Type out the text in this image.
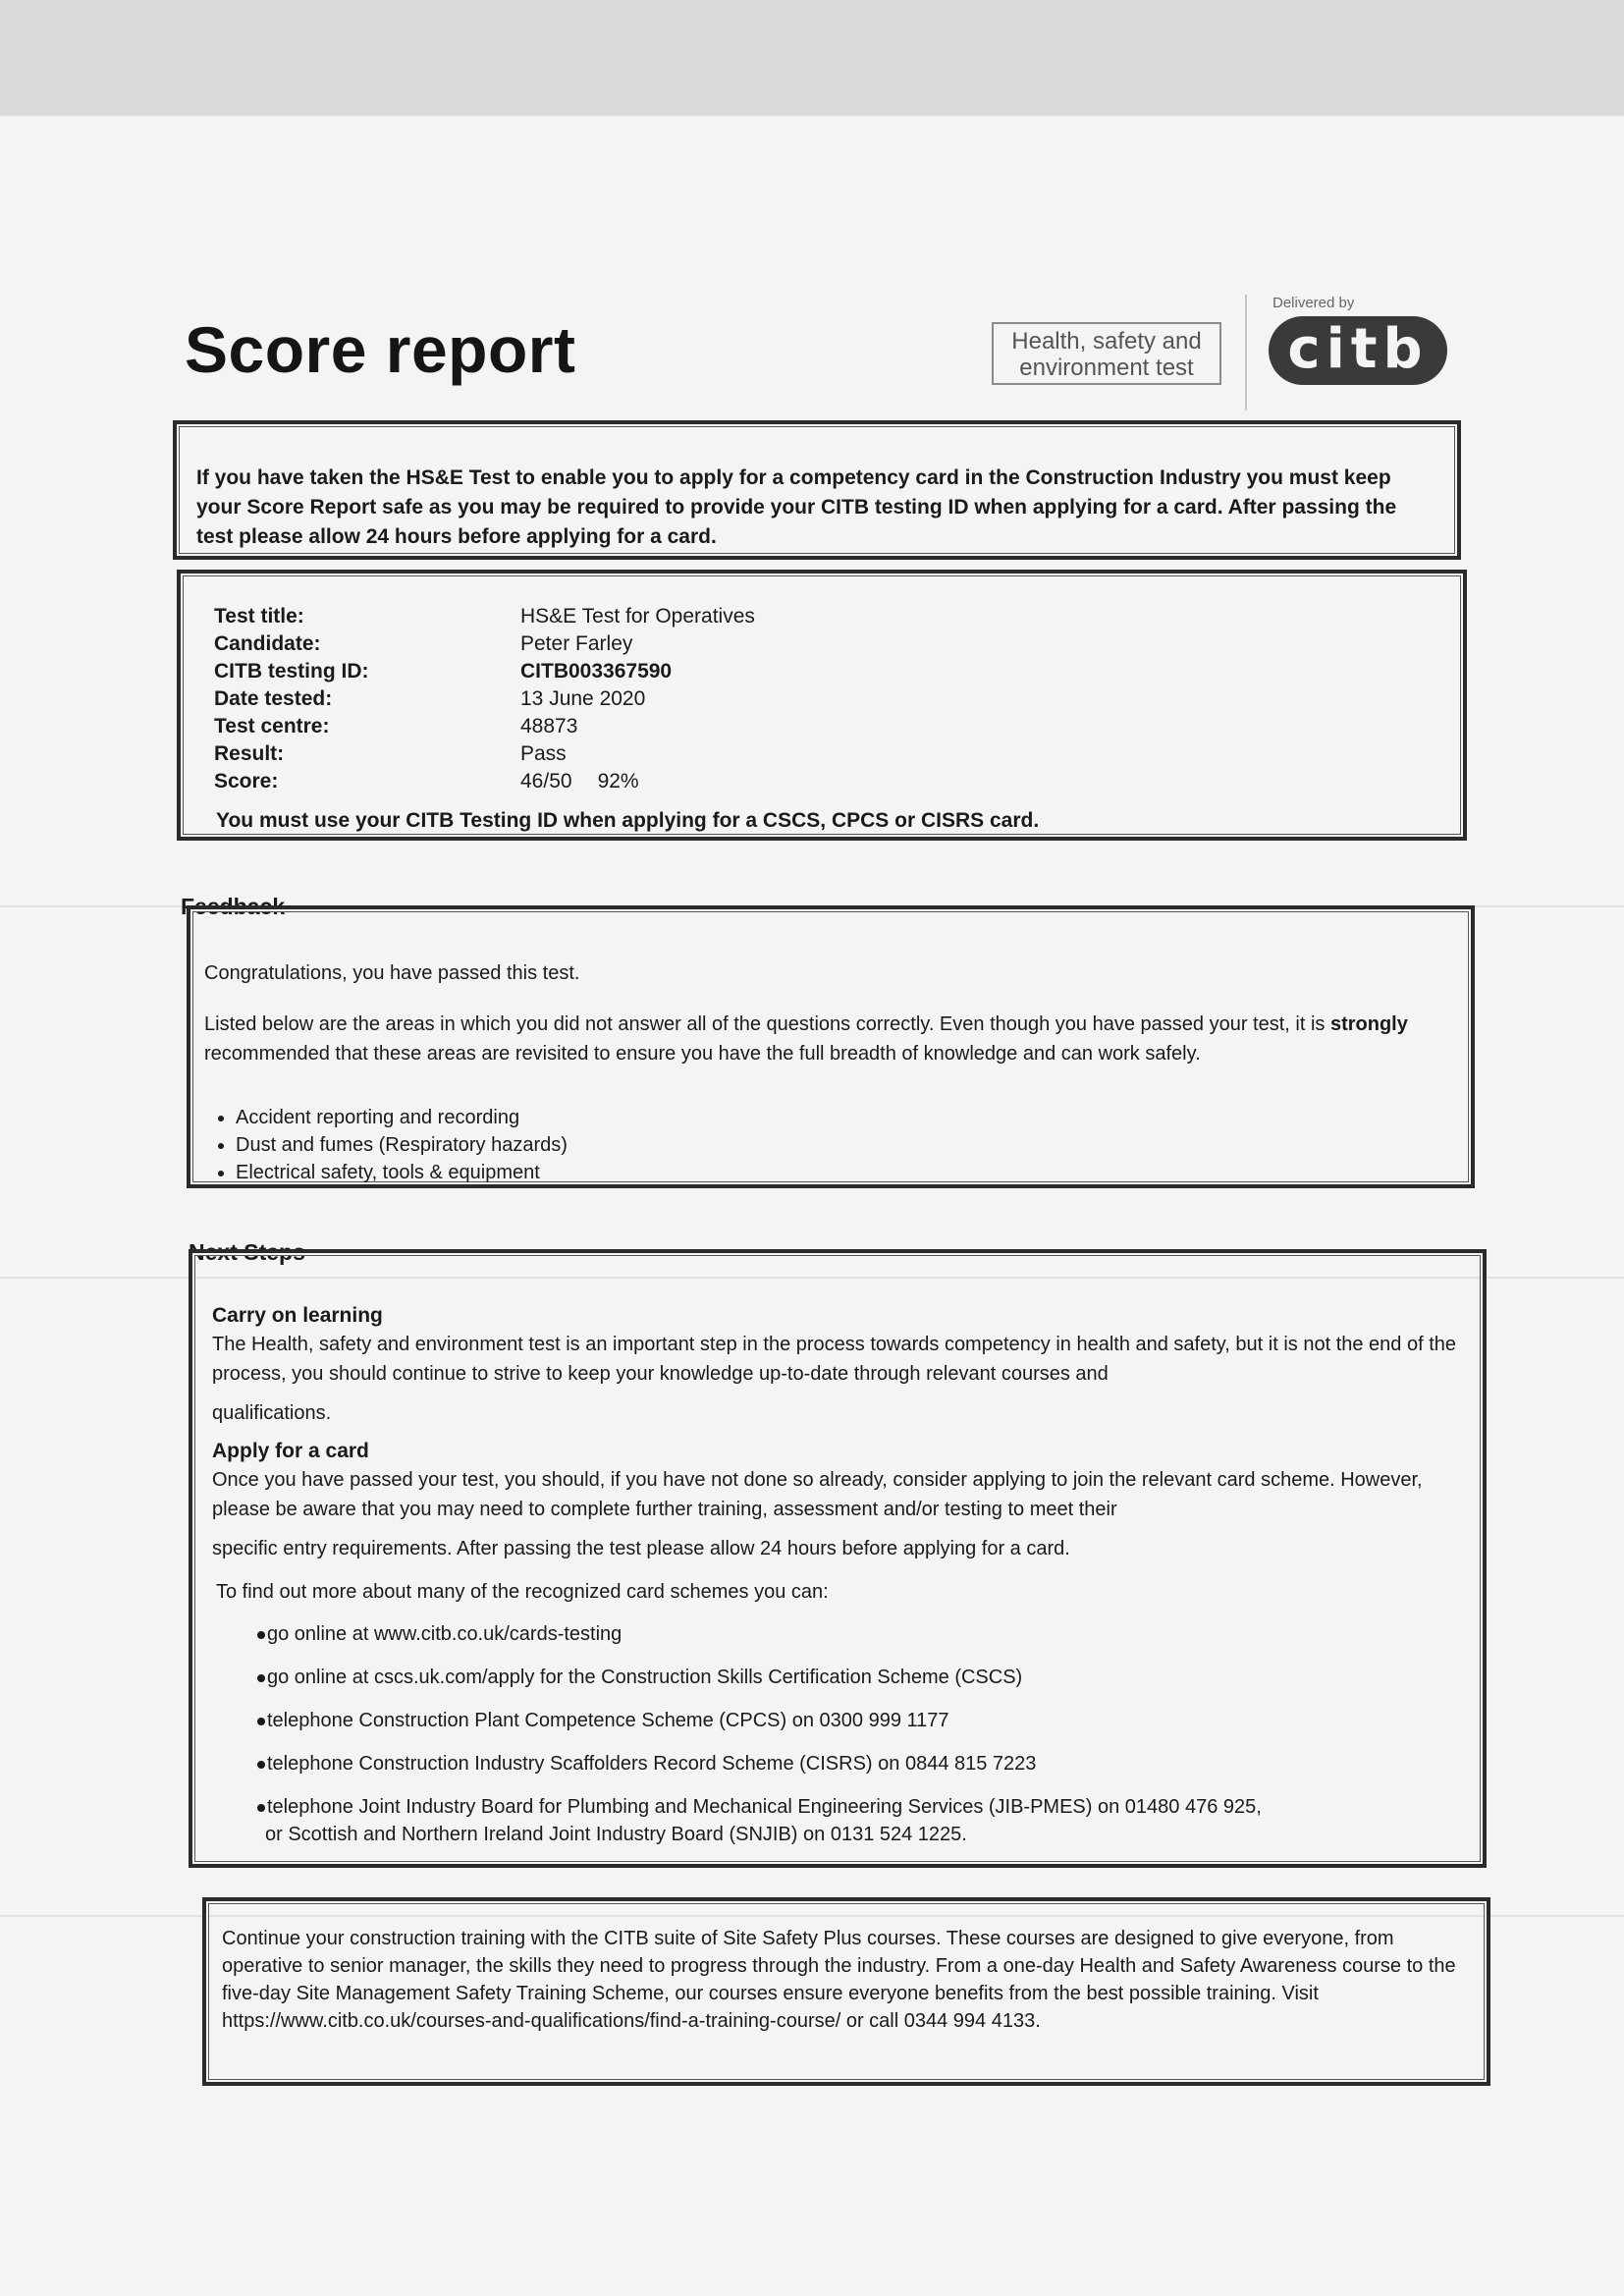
Score report	Health, safety and
environment test
Delivered by
citb

If you have taken the HS&E Test to enable you to apply for a competency card in the Construction Industry you must keep your Score Report safe as you may be required to provide your CITB testing ID when applying for a card. After passing the test please allow 24 hours before applying for a card.

Test title:	HS&E Test for Operatives
Candidate:	Peter Farley
CITB testing ID:	CITB003367590
Date tested:	13 June 2020
Test centre:	48873
Result:	Pass
Score:	46/50 92%
You must use your CITB Testing ID when applying for a CSCS, CPCS or CISRS card.
Feedback

Congratulations, you have passed this test.

Listed below are the areas in which you did not answer all of the questions correctly. Even though you have passed your test, it is strongly recommended that these areas are revisited to ensure you have the full breadth of knowledge and can work safely.

• Accident reporting and recording
• Dust and fumes (Respiratory hazards)
• Electrical safety, tools & equipment
Next Steps
Carry on learning

The Health, safety and environment test is an important step in the process towards competency in health and safety, but it is not the end of the process, you should continue to strive to keep your knowledge up-to-date through relevant courses and

qualifications.

Apply for a card

Once you have passed your test, you should, if you have not done so already, consider applying to join the relevant card scheme. However, please be aware that you may need to complete further training, assessment and/or testing to meet their

specific entry requirements. After passing the test please allow 24 hours before applying for a card.

To find out more about many of the recognized card schemes you can:

go online at www.citb.co.uk/cards-testing
go online at cscs.uk.com/apply for the Construction Skills Certification Scheme (CSCS)
telephone Construction Plant Competence Scheme (CPCS) on 0300 999 1177
telephone Construction Industry Scaffolders Record Scheme (CISRS) on 0844 815 7223
telephone Joint Industry Board for Plumbing and Mechanical Engineering Services (JIB-PMES) on 01480 476 925,
or Scottish and Northern Ireland Joint Industry Board (SNJIB) on 0131 524 1225.

Continue your construction training with the CITB suite of Site Safety Plus courses. These courses are designed to give everyone, from operative to senior manager, the skills they need to progress through the industry. From a one-day Health and Safety Awareness course to the five-day Site Management Safety Training Scheme, our courses ensure everyone benefits from the best possible training. Visit https://www.citb.co.uk/courses-and-qualifications/find-a-training-course/ or call 0344 994 4133.
